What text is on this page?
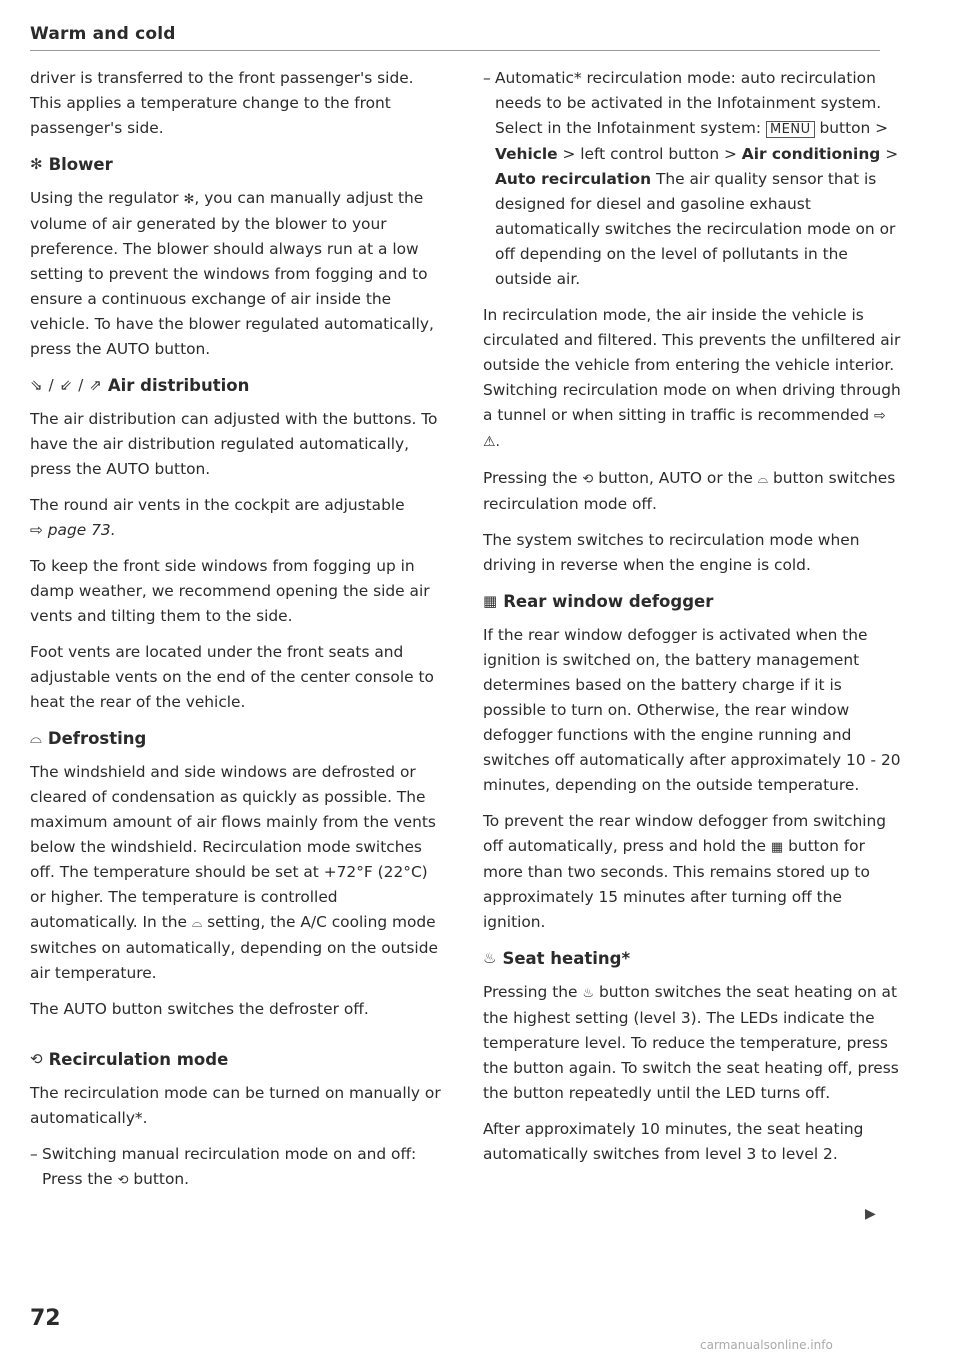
Warm and cold

driver is transferred to the front passenger's side. This applies a temperature change to the front passenger's side.

✻ Blower

Using the regulator ✻, you can manually adjust the volume of air generated by the blower to your preference. The blower should always run at a low setting to prevent the windows from fogging and to ensure a continuous exchange of air inside the vehicle. To have the blower regulated automatically, press the AUTO button.

⇘ / ⇙ / ⇗ Air distribution

The air distribution can adjusted with the buttons. To have the air distribution regulated automatically, press the AUTO button.

The round air vents in the cockpit are adjustable
⇨ page 73.

To keep the front side windows from fogging up in damp weather, we recommend opening the side air vents and tilting them to the side.

Foot vents are located under the front seats and adjustable vents on the end of the center console to heat the rear of the vehicle.

⌓ Defrosting

The windshield and side windows are defrosted or cleared of condensation as quickly as possible. The maximum amount of air flows mainly from the vents below the windshield. Recirculation mode switches off. The temperature should be set at +72°F (22°C) or higher. The temperature is controlled automatically. In the ⌓ setting, the A/C cooling mode switches on automatically, depending on the outside air temperature.

The AUTO button switches the defroster off.

⟲ Recirculation mode

The recirculation mode can be turned on manually or automatically*.

– Switching manual recirculation mode on and off: Press the ⟲ button.
– Automatic* recirculation mode: auto recirculation needs to be activated in the Infotainment system. Select in the Infotainment system: MENU button > Vehicle > left control button > Air conditioning > Auto recirculation The air quality sensor that is designed for diesel and gasoline exhaust automatically switches the recirculation mode on or off depending on the level of pollutants in the outside air.

In recirculation mode, the air inside the vehicle is circulated and filtered. This prevents the unfiltered air outside the vehicle from entering the vehicle interior. Switching recirculation mode on when driving through a tunnel or when sitting in traffic is recommended ⇨ ⚠.

Pressing the ⟲ button, AUTO or the ⌓ button switches recirculation mode off.

The system switches to recirculation mode when driving in reverse when the engine is cold.

▦ Rear window defogger

If the rear window defogger is activated when the ignition is switched on, the battery management determines based on the battery charge if it is possible to turn on. Otherwise, the rear window defogger functions with the engine running and switches off automatically after approximately 10 - 20 minutes, depending on the outside temperature.

To prevent the rear window defogger from switching off automatically, press and hold the ▦ button for more than two seconds. This remains stored up to approximately 15 minutes after turning off the ignition.

♨ Seat heating*

Pressing the ♨ button switches the seat heating on at the highest setting (level 3). The LEDs indicate the temperature level. To reduce the temperature, press the button again. To switch the seat heating off, press the button repeatedly until the LED turns off.

After approximately 10 minutes, the seat heating automatically switches from level 3 to level 2.

▶
72
carmanualsonline.info
